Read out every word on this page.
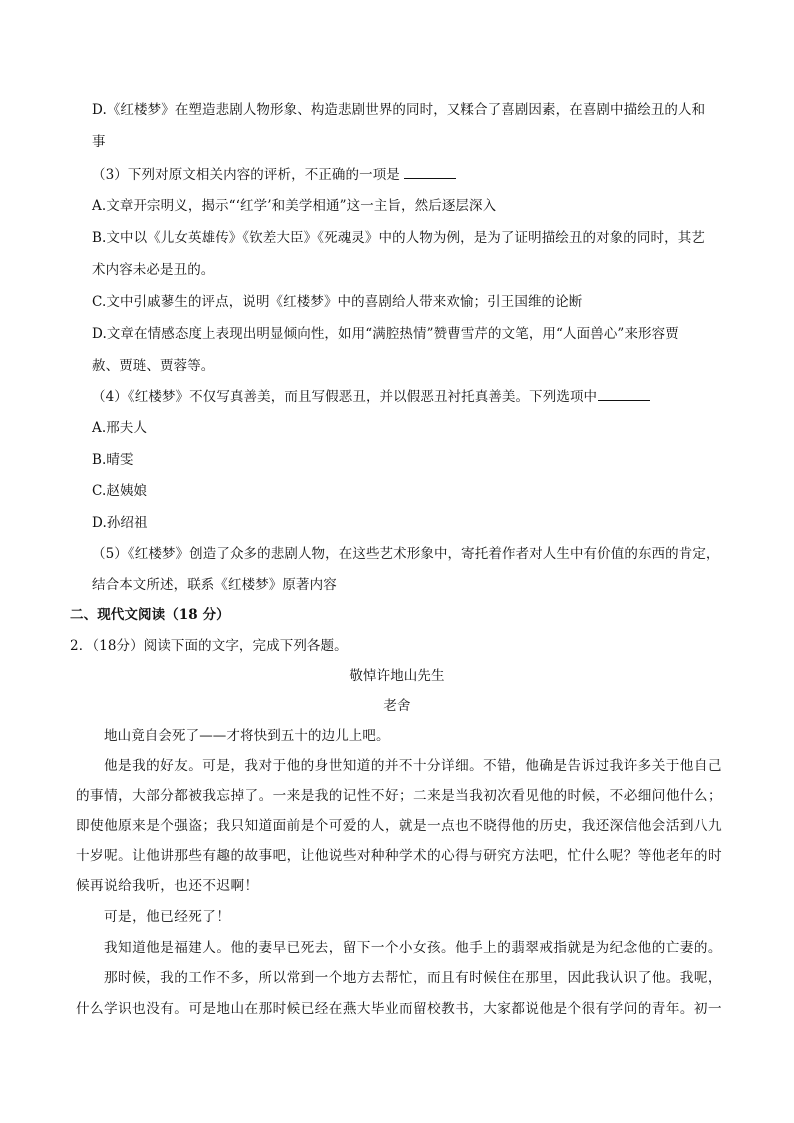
D.《红楼梦》在塑造悲剧人物形象、构造悲剧世界的同时，又糅合了喜剧因素，在喜剧中描绘丑的人和
事
（3）下列对原文相关内容的评析，不正确的一项是
A.文章开宗明义，揭示“‘红学’和美学相通”这一主旨，然后逐层深入
B.文中以《儿女英雄传》《钦差大臣》《死魂灵》中的人物为例，是为了证明描绘丑的对象的同时，其艺
术内容未必是丑的。
C.文中引戚蓼生的评点，说明《红楼梦》中的喜剧给人带来欢愉；引王国维的论断
D.文章在情感态度上表现出明显倾向性，如用“满腔热情”赞曹雪芹的文笔，用“人面兽心”来形容贾
赦、贾琏、贾蓉等。
（4）《红楼梦》不仅写真善美，而且写假恶丑，并以假恶丑衬托真善美。下列选项中
A.邢夫人
B.晴雯
C.赵姨娘
D.孙绍祖
（5）《红楼梦》创造了众多的悲剧人物，在这些艺术形象中，寄托着作者对人生中有价值的东西的肯定，
结合本文所述，联系《红楼梦》原著内容
二、现代文阅读（18 分）
2．（18分）阅读下面的文字，完成下列各题。
敬悼许地山先生
老舍
地山竟自会死了——才将快到五十的边儿上吧。
他是我的好友。可是，我对于他的身世知道的并不十分详细。不错，他确是告诉过我许多关于他自己
的事情，大部分都被我忘掉了。一来是我的记性不好；二来是当我初次看见他的时候，不必细问他什么；
即使他原来是个强盗；我只知道面前是个可爱的人，就是一点也不晓得他的历史，我还深信他会活到八九
十岁呢。让他讲那些有趣的故事吧，让他说些对种种学术的心得与研究方法吧，忙什么呢？等他老年的时
候再说给我听，也还不迟啊！
可是，他已经死了！
我知道他是福建人。他的妻早已死去，留下一个小女孩。他手上的翡翠戒指就是为纪念他的亡妻的。
那时候，我的工作不多，所以常到一个地方去帮忙，而且有时候住在那里，因此我认识了他。我呢，
什么学识也没有。可是地山在那时候已经在燕大毕业而留校教书，大家都说他是个很有学问的青年。初一
